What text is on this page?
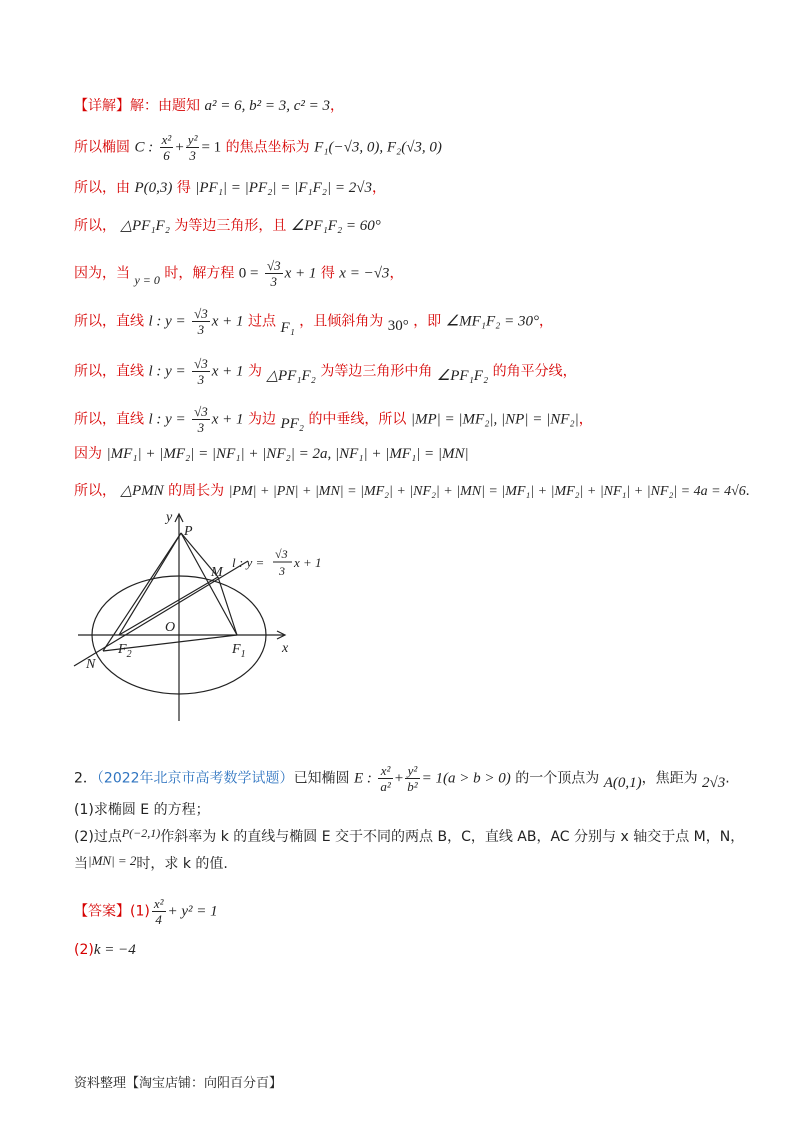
【详解】解：由题知 a² = 6, b² = 3, c² = 3，
所以椭圆 C : $\frac{\text{x²}}{6} + \frac{\text{y²}}{3} = 1$ 的焦点坐标为 F₁(−√3, 0), F₂(√3, 0)
所以，由 P(0,3) 得 |PF₁| = |PF₂| = |F₁F₂| = 2√3，
所以， △PF₁F₂ 为等边三角形，且 ∠PF₁F₂ = 60°
因为，当 y = 0 时，解方程 $0 = \frac{√3}{3}$ x + 1 得 x = −√3，
所以，直线 l : $y = \frac{√3}{3}$ x + 1 过点 F₁ ，且倾斜角为 30° ，即 ∠MF₁F₂ = 30°，
所以，直线 l : $y = \frac{√3}{3}$ x + 1 为 △PF₁F₂ 为等边三角形中角 ∠PF₁F₂ 的角平分线，
所以，直线 l : $y = \frac{√3}{3}$ x + 1 为边 PF₂ 的中垂线，所以 |MP| = |MF₂|, |NP| = |NF₂|，
因为 |MF₁| + |MF₂| = |NF₁| + |NF₂| = 2a, |NF₁| + |MF₁| = |MN|
所以， △PMN 的周长为 |PM| + |PN| + |MN| = |MF₂| + |NF₂| + |MN| = |MF₁| + |MF₂| + |NF₁| + |NF₂| = 4a = 4√6.
y
P
M
O
N
$F_2$	$F_1$	x
l : y =
√3
3
x + 1
2．（2022年北京市高考数学试题）已知椭圆 E : $\frac{\text{x²}}{\text{a²}} + \frac{\text{y²}}{\text{b²}} = 1(a > b > 0)$ 的一个顶点为 A(0,1)，焦距为 2√3.
(1)求椭圆 E 的方程；
(2)过点P(−2,1)作斜率为 k 的直线与椭圆 E 交于不同的两点 B，C，直线 AB，AC 分别与 x 轴交于点 M，N，
当|MN| = 2时，求 k 的值.
【答案】$(1) \frac{\text{x²}}{4} + y^2 = 1$
(2)k = −4
资料整理【淘宝店铺：向阳百分百】
